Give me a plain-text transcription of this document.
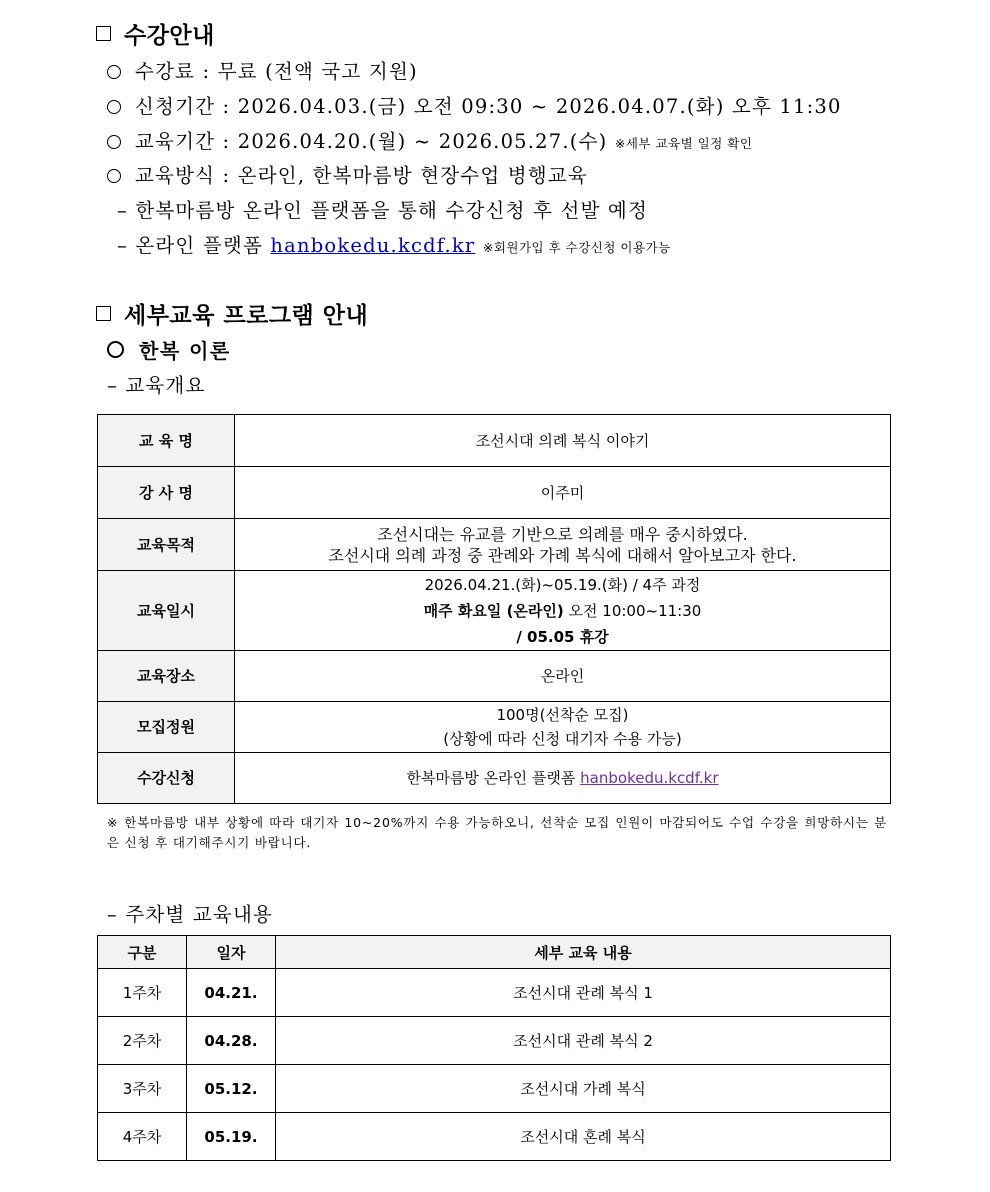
수강안내
수강료 : 무료 (전액 국고 지원)
신청기간 : 2026.04.03.(금) 오전 09:30 ~ 2026.04.07.(화) 오후 11:30
교육기간 : 2026.04.20.(월) ~ 2026.05.27.(수) ※세부 교육별 일정 확인
교육방식 : 온라인, 한복마름방 현장수업 병행교육
– 한복마름방 온라인 플랫폼을 통해 수강신청 후 선발 예정
– 온라인 플랫폼 hanbokedu.kcdf.kr ※회원가입 후 수강신청 이용가능
세부교육 프로그램 안내
한복 이론
– 교육개요
교 육 명	조선시대 의례 복식 이야기
강 사 명	이주미
교육목적	조선시대는 유교를 기반으로 의례를 매우 중시하였다.
조선시대 의례 과정 중 관례와 가례 복식에 대해서 알아보고자 한다.

교육일시	2026.04.21.(화)~05.19.(화) / 4주 과정
매주 화요일 (온라인) 오전 10:00~11:30
/ 05.05 휴강

교육장소	온라인
모집정원	100명(선착순 모집)
(상황에 따라 신청 대기자 수용 가능)

수강신청	한복마름방 온라인 플랫폼 hanbokedu.kcdf.kr
※ 한복마름방 내부 상황에 따라 대기자 10~20%까지 수용 가능하오니, 선착순 모집 인원이 마감되어도 수업 수강을 희망하시는 분은 신청 후 대기해주시기 바랍니다.
– 주차별 교육내용
구분	일자	세부 교육 내용
1주차	04.21.	조선시대 관례 복식 1
2주차	04.28.	조선시대 관례 복식 2
3주차	05.12.	조선시대 가례 복식
4주차	05.19.	조선시대 혼례 복식
